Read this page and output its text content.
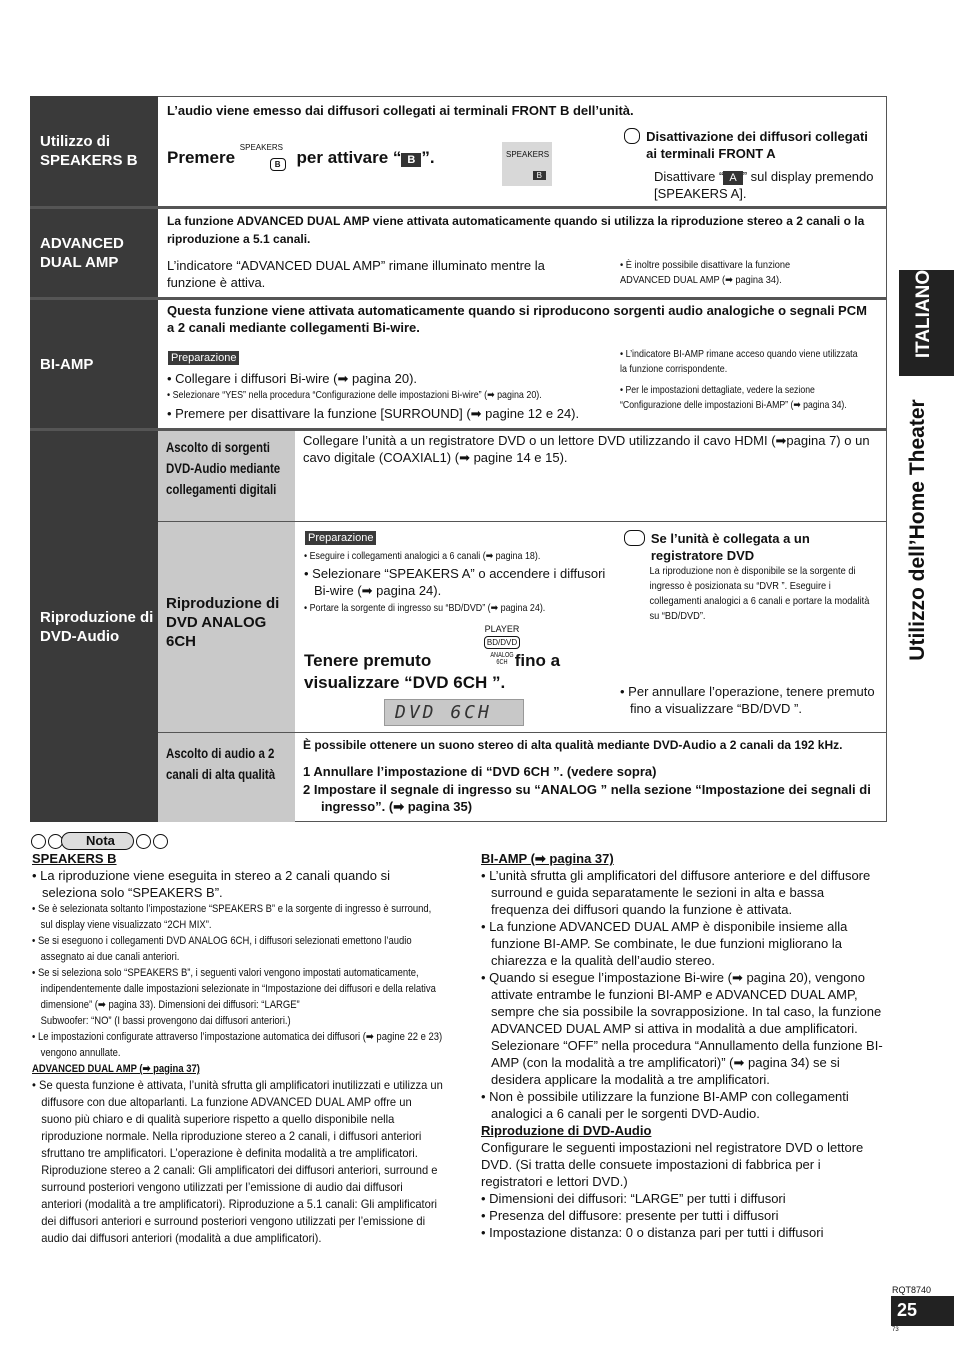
Utilizzo di SPEAKERS B
L’audio viene emesso dai diffusori collegati ai terminali FRONT B dell’unità.
Premere
SPEAKERS
B per attivare “ B ”.	SPEAKERS
B
Disattivazione dei diffusori collegati ai terminali FRONT A
Disattivare “ A ” sul display premendo [SPEAKERS A].
ADVANCED DUAL AMP
La funzione ADVANCED DUAL AMP viene attivata automaticamente quando si utilizza la riproduzione stereo a 2 canali o la riproduzione a 5.1 canali.
L’indicatore “ADVANCED DUAL AMP” rimane illuminato mentre la funzione è attiva.
• È inoltre possibile disattivare la funzione ADVANCED DUAL AMP (➡ pagina 34).
BI-AMP
Questa funzione viene attivata automaticamente quando si riproducono sorgenti audio analogiche o segnali PCM a 2 canali mediante collegamenti Bi-wire.
Preparazione
• Collegare i diffusori Bi-wire (➡ pagina 20).
• Selezionare “YES” nella procedura “Configurazione delle impostazioni Bi-wire” (➡ pagina 20).
• Premere per disattivare la funzione [SURROUND] (➡ pagine 12 e 24).
• L’indicatore BI-AMP rimane acceso quando viene utilizzata la funzione corrispondente.
• Per le impostazioni dettagliate, vedere la sezione “Configurazione delle impostazioni Bi-AMP” (➡ pagina 34).
Riproduzione di DVD-Audio
Ascolto di sorgenti DVD-Audio mediante collegamenti digitali
Collegare l’unità a un registratore DVD o un lettore DVD utilizzando il cavo HDMI (➡pagina 7) o un cavo digitale (COAXIAL1) (➡ pagine 14 e 15).
Riproduzione di DVD ANALOG 6CH
Preparazione
• Eseguire i collegamenti analogici a 6 canali (➡ pagina 18).
• Selezionare “SPEAKERS A” o accendere i diffusori Bi-wire (➡ pagina 24).
• Portare la sorgente di ingresso su “BD/DVD” (➡ pagina 24).
Tenere premuto	fino a visualizzare “DVD 6CH ”.
PLAYER
BD/DVD
ANALOG 6CH
DVD 6CH
Se l’unità è collegata a un registratore DVD
La riproduzione non è disponibile se la sorgente di ingresso è posizionata su “DVR ”. Eseguire i collegamenti analogici a 6 canali e portare la modalità su “BD/DVD”.
• Per annullare l’operazione, tenere premuto fino a visualizzare “BD/DVD ”.
Ascolto di audio a 2 canali di alta qualità
È possibile ottenere un suono stereo di alta qualità mediante DVD-Audio a 2 canali da 192 kHz.
1 Annullare l’impostazione di “DVD 6CH ”. (vedere sopra)
2 Impostare il segnale di ingresso su “ANALOG ” nella sezione “Impostazione dei segnali di ingresso”. (➡ pagina 35)
Nota

SPEAKERS B

• La riproduzione viene eseguita in stereo a 2 canali quando si seleziona solo “SPEAKERS B”.

• Se è selezionata soltanto l’impostazione “SPEAKERS B” e la sorgente di ingresso è surround, sul display viene visualizzato “2CH MIX”.

• Se si eseguono i collegamenti DVD ANALOG 6CH, i diffusori selezionati emettono l’audio assegnato ai due canali anteriori.

• Se si seleziona solo “SPEAKERS B”, i seguenti valori vengono impostati automaticamente, indipendentemente dalle impostazioni selezionate in “Impostazione dei diffusori e della relativa dimensione” (➡ pagina 33). Dimensioni dei diffusori: “LARGE”

Subwoofer: “NO” (I bassi provengono dai diffusori anteriori.)

• Le impostazioni configurate attraverso l’impostazione automatica dei diffusori (➡ pagine 22 e 23) vengono annullate.

ADVANCED DUAL AMP (➡ pagina 37)

• Se questa funzione è attivata, l’unità sfrutta gli amplificatori inutilizzati e utilizza un diffusore con due altoparlanti. La funzione ADVANCED DUAL AMP offre un suono più chiaro e di qualità superiore rispetto a quello disponibile nella riproduzione normale. Nella riproduzione stereo a 2 canali, i diffusori anteriori sfruttano tre amplificatori. L’operazione è definita modalità a tre amplificatori. Riproduzione stereo a 2 canali: Gli amplificatori dei diffusori anteriori, surround e surround posteriori vengono utilizzati per l’emissione di audio dai diffusori anteriori (modalità a tre amplificatori). Riproduzione a 5.1 canali: Gli amplificatori dei diffusori anteriori e surround posteriori vengono utilizzati per l’emissione di audio dai diffusori anteriori (modalità a due amplificatori).

BI-AMP (➡ pagina 37)

• L’unità sfrutta gli amplificatori del diffusore anteriore e del diffusore surround e guida separatamente le sezioni in alta e bassa frequenza dei diffusori quando la funzione è attivata.

• La funzione ADVANCED DUAL AMP è disponibile insieme alla funzione BI-AMP. Se combinate, le due funzioni migliorano la chiarezza e la qualità dell’audio stereo.

• Quando si esegue l’impostazione Bi-wire (➡ pagina 20), vengono attivate entrambe le funzioni BI-AMP e ADVANCED DUAL AMP, sempre che sia possibile la sovrapposizione. In tal caso, la funzione ADVANCED DUAL AMP si attiva in modalità a due amplificatori. Selezionare “OFF” nella procedura “Annullamento della funzione BI-AMP (con la modalità a tre amplificatori)” (➡ pagina 34) se si desidera applicare la modalità a tre amplificatori.

• Non è possibile utilizzare la funzione BI-AMP con collegamenti analogici a 6 canali per le sorgenti DVD-Audio.

Riproduzione di DVD-Audio

Configurare le seguenti impostazioni nel registratore DVD o lettore DVD. (Si tratta delle consuete impostazioni di fabbrica per i registratori e lettori DVD.)

• Dimensioni dei diffusori: “LARGE” per tutti i diffusori

• Presenza del diffusore: presente per tutti i diffusori

• Impostazione distanza: 0 o distanza pari per tutti i diffusori

ITALIANO
Utilizzo dell’Home Theater
RQT8740
25
73
